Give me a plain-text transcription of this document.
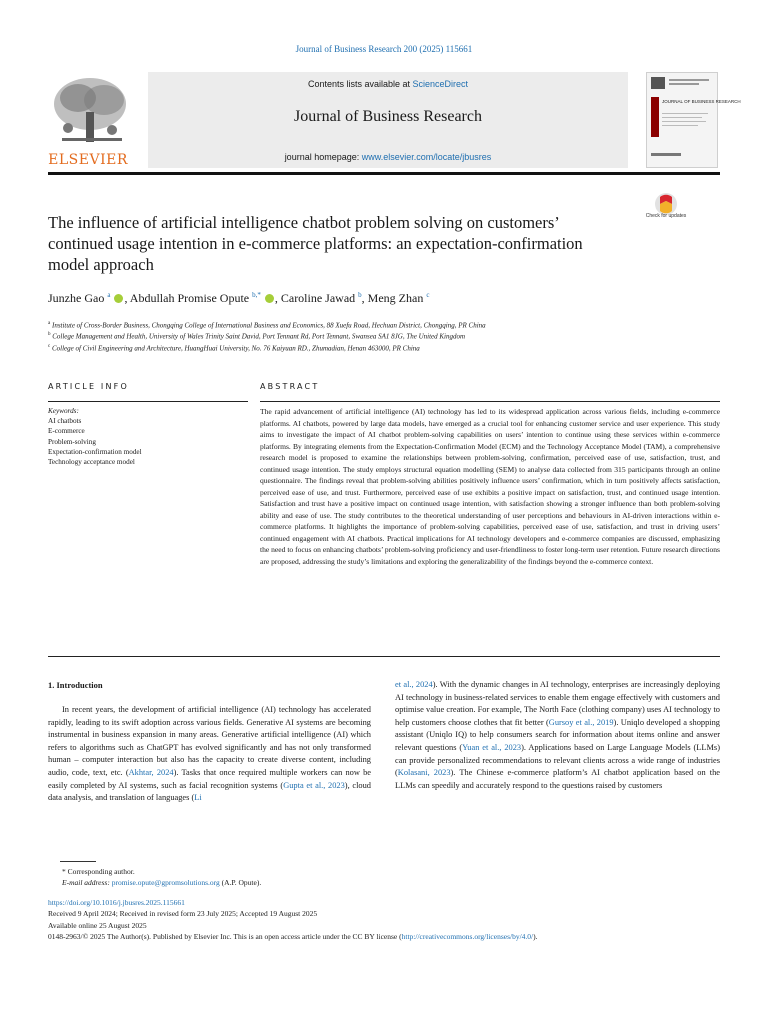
Journal of Business Research 200 (2025) 115661
ELSEVIER
Contents lists available at ScienceDirect
Journal of Business Research
journal homepage: www.elsevier.com/locate/jbusres
JOURNAL OF BUSINESS RESEARCH
Check for updates
The influence of artificial intelligence chatbot problem solving on customers’ continued usage intention in e-commerce platforms: an expectation-confirmation model approach
Junzhe Gao $^a$ , Abdullah Promise Opute $^{b,*}$ , Caroline Jawad $^b$, Meng Zhan $^c$
$^a$ Institute of Cross-Border Business, Chongqing College of International Business and Economics, 88 Xuefu Road, Hechuan District, Chongqing, PR China
$^b$ College Management and Health, University of Wales Trinity Saint David, Port Tennant Rd, Port Tennant, Swansea SA1 8JG, The United Kingdom
$^c$ College of Civil Engineering and Architecture, HuangHuai University, No. 76 Kaiyuan RD., Zhumadian, Henan 463000, PR China
ARTICLE INFO	ABSTRACT
Keywords:
AI chatbots
E-commerce
Problem-solving
Expectation-confirmation model
Technology acceptance model
The rapid advancement of artificial intelligence (AI) technology has led to its widespread application across various fields, including e-commerce platforms. AI chatbots, powered by large data models, have emerged as a crucial tool for enhancing customer service and user experience. This study aims to investigate the impact of AI chatbot problem-solving capabilities on users’ intention to continue using these services within e-commerce platforms. By integrating elements from the Expectation-Confirmation Model (ECM) and the Technology Acceptance Model (TAM), a comprehensive research model is proposed to examine the relationships between problem-solving, confirmation, perceived ease of use, satisfaction, trust, and continued usage intention. The study employs structural equation modelling (SEM) to analyse data collected from 315 participants through an online questionnaire. The findings reveal that problem-solving abilities positively influence users’ confirmation, which in turn positively affects satisfaction, perceived ease of use, and trust. Furthermore, perceived ease of use exhibits a positive impact on satisfaction, trust, and continued usage intention. Satisfaction and trust have a positive impact on continued usage intention, with satisfaction showing a stronger influence than both problem-solving ability and ease of use. The study contributes to the theoretical understanding of user perceptions and behaviours in AI-driven interactions within e-commerce platforms. It highlights the importance of problem-solving capabilities, perceived ease of use, satisfaction, and trust in driving users’ continued engagement with AI chatbots. Practical implications for AI technology developers and e-commerce companies are discussed, emphasizing the need to focus on enhancing chatbots’ problem-solving proficiency and user-friendliness to foster long-term user retention. Future research directions are proposed, addressing the study’s limitations and exploring the generalizability of the findings beyond the e-commerce context.
1. Introduction

In recent years, the development of artificial intelligence (AI) technology has accelerated rapidly, leading to its swift adoption across various fields. Generative AI systems are becoming instrumental in business expansion in many areas. Generative artificial intelligence (AI) which refers to algorithms such as ChatGPT has evolved significantly and has not only transformed human – computer interaction but also has the capacity to create diverse content, including audio, code, text, etc. (Akhtar, 2024). Tasks that once required multiple workers can now be easily completed by AI systems, such as facial recognition systems (Gupta et al., 2023), cloud data analysis, and translation of languages (Li

et al., 2024). With the dynamic changes in AI technology, enterprises are increasingly deploying AI technology in business-related services to enable them engage effectively with customers and optimise value creation. For example, The North Face (clothing company) uses AI technology to help customers choose clothes that fit better (Gursoy et al., 2019). Uniqlo developed a shopping assistant (Uniqlo IQ) to help consumers search for information about items online and answer relevant questions (Yuan et al., 2023). Applications based on Large Language Models (LLMs) can provide personalized recommendations to relevant clients across a wide range of industries (Kolasani, 2023). The Chinese e-commerce platform’s AI chatbot application based on the LLMs can speedily and accurately respond to the questions raised by customers

* Corresponding author.
E-mail address: promise.opute@gpromsolutions.org (A.P. Opute).
https://doi.org/10.1016/j.jbusres.2025.115661
Received 9 April 2024; Received in revised form 23 July 2025; Accepted 19 August 2025
Available online 25 August 2025
0148-2963/© 2025 The Author(s). Published by Elsevier Inc. This is an open access article under the CC BY license (http://creativecommons.org/licenses/by/4.0/).
